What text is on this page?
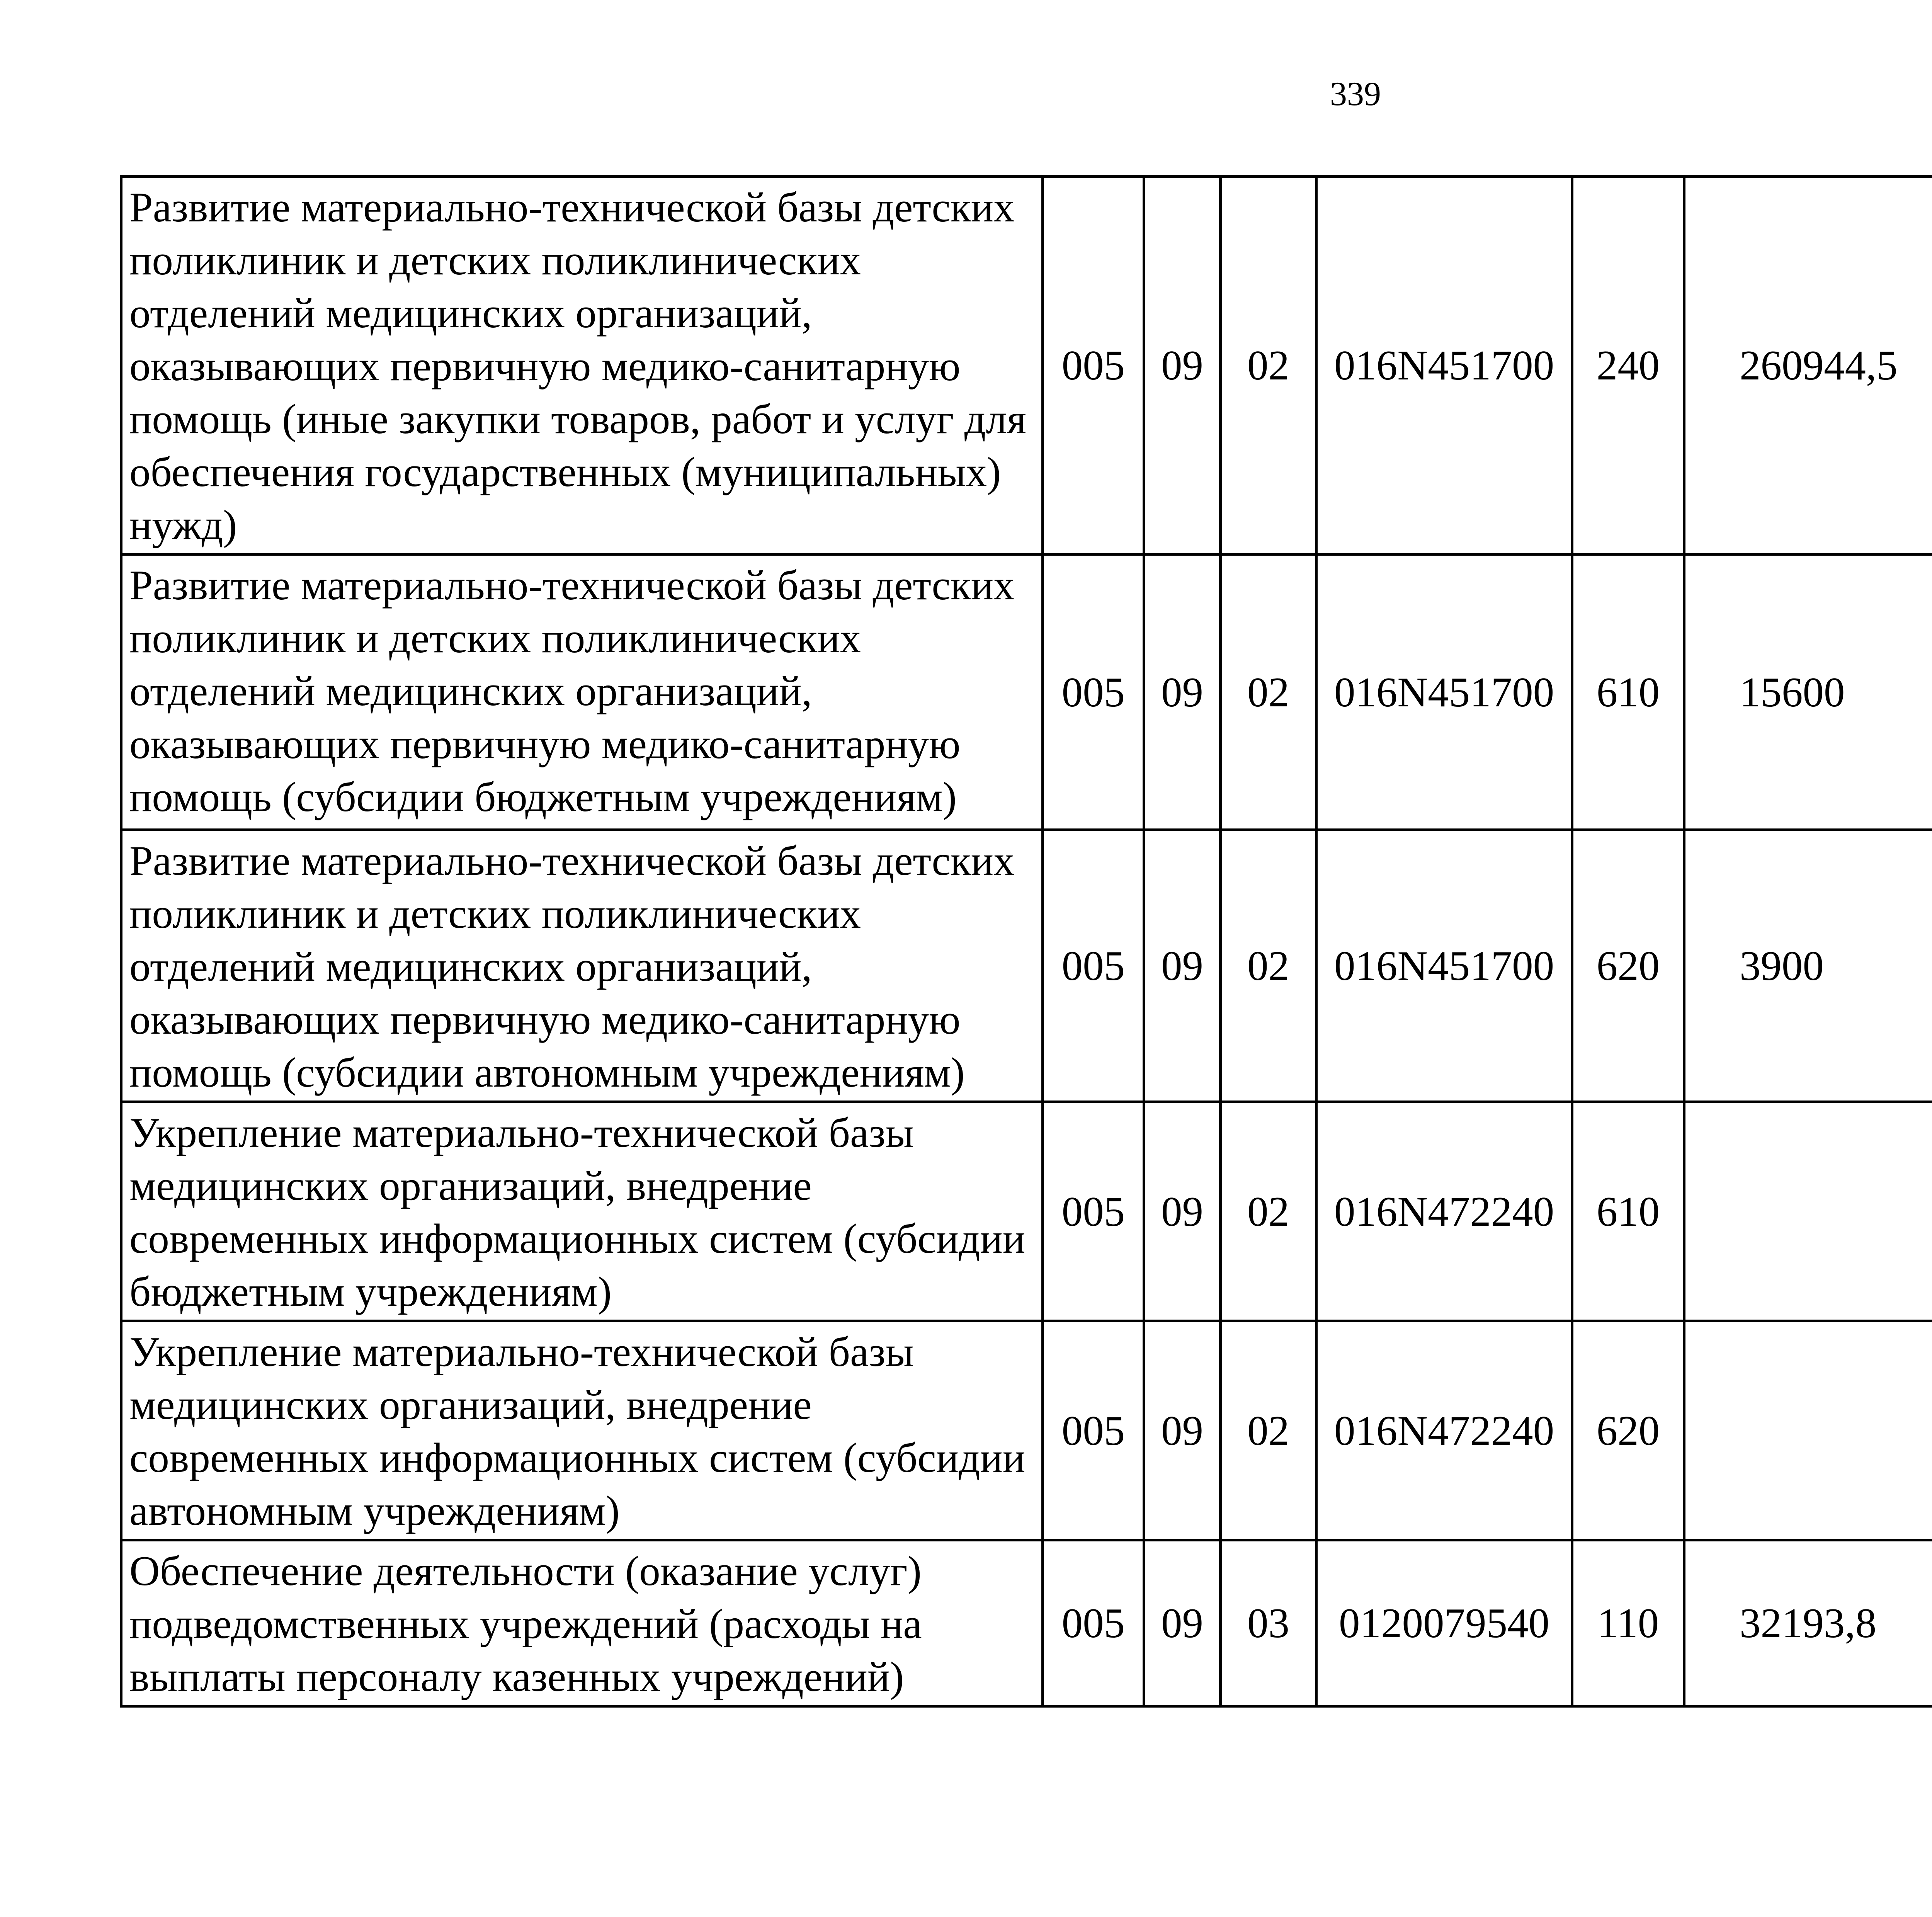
339
Развитие материально-технической базы детских поликлиник и детских поликлинических отделений медицинских организаций, оказывающих первичную медико-санитарную помощь (иные закупки товаров, работ и услуг для обеспечения государственных (муниципальных) нужд)	005	09	02	016N451700	240	260944,5		
Развитие материально-технической базы детских поликлиник и детских поликлинических отделений медицинских организаций, оказывающих первичную медико-санитарную помощь (субсидии бюджетным учреждениям)	005	09	02	016N451700	610	15600		
Развитие материально-технической базы детских поликлиник и детских поликлинических отделений медицинских организаций, оказывающих первичную медико-санитарную помощь (субсидии автономным учреждениям)	005	09	02	016N451700	620	3900		
Укрепление материально-технической базы медицинских организаций, внедрение современных информационных систем (субсидии бюджетным учреждениям)	005	09	02	016N472240	610			
Укрепление материально-технической базы медицинских организаций, внедрение современных информационных систем (субсидии автономным учреждениям)	005	09	02	016N472240	620			
Обеспечение деятельности (оказание услуг) подведомственных учреждений (расходы на выплаты персоналу казенных учреждений)	005	09	03	0120079540	110	32193,8		
